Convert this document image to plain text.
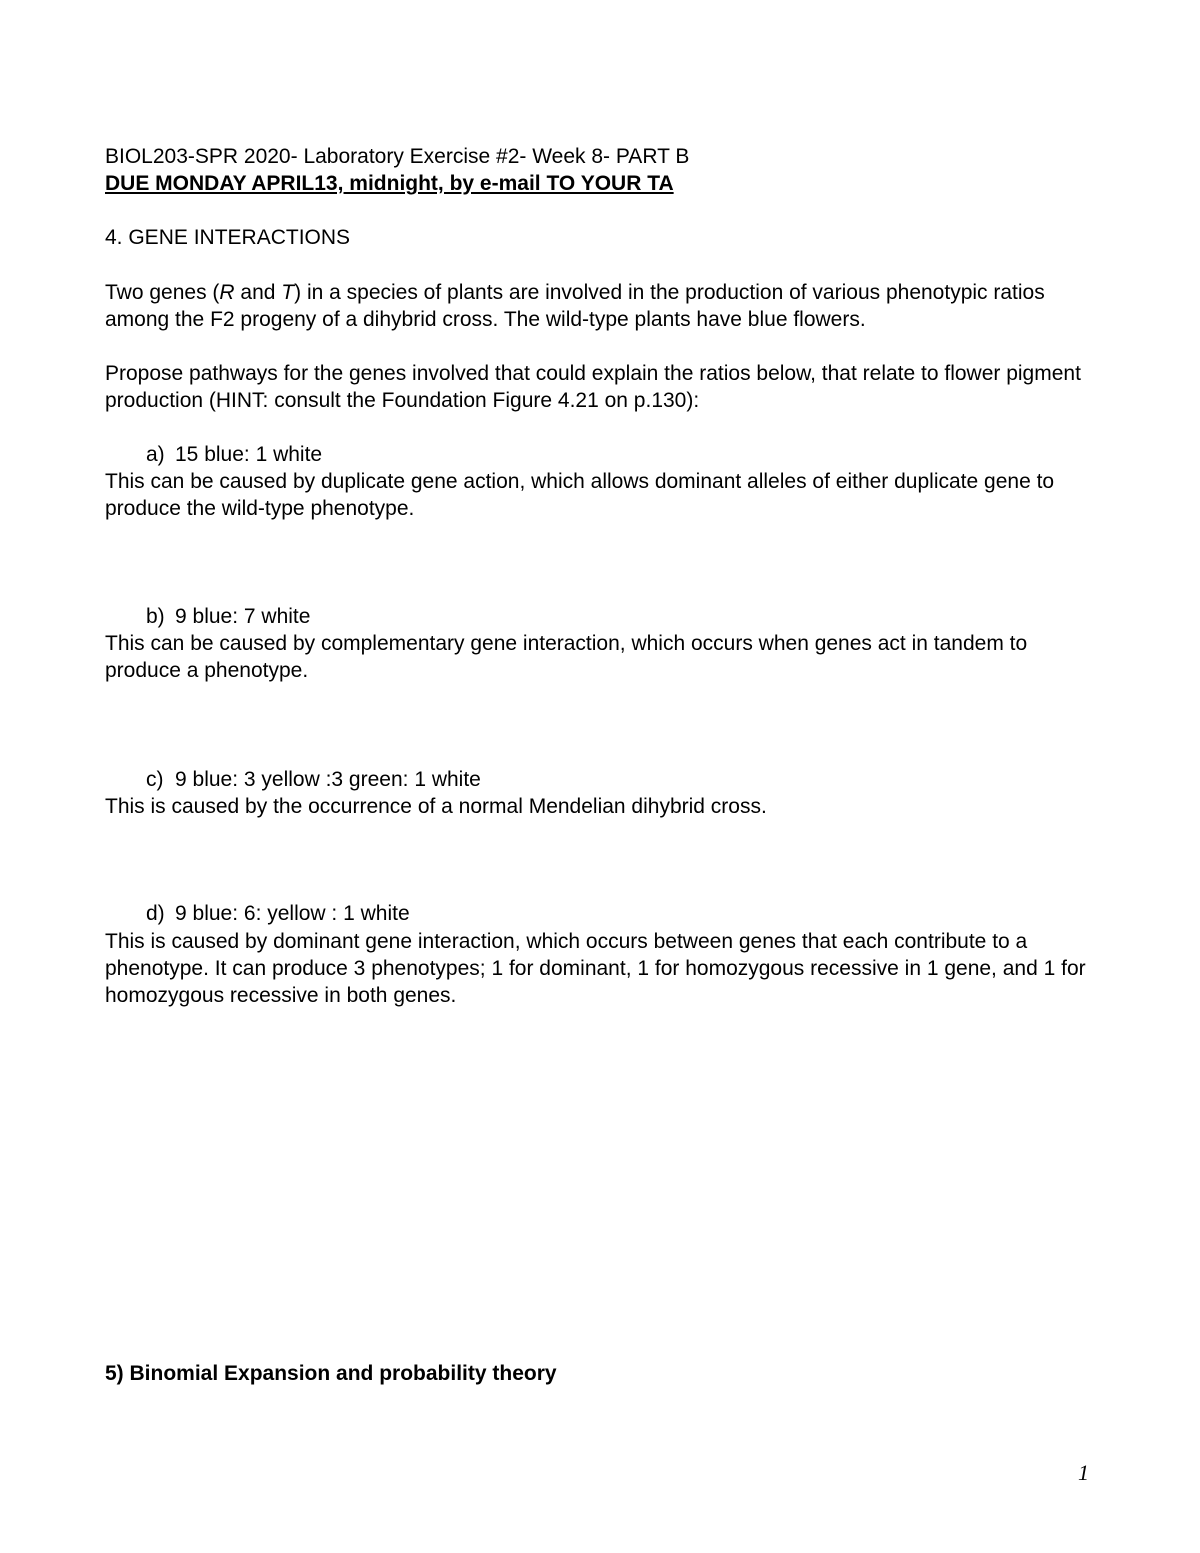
BIOL203-SPR 2020- Laboratory Exercise #2- Week 8- PART B

DUE MONDAY APRIL13, midnight, by e-mail TO YOUR TA

4. GENE INTERACTIONS

Two genes (R and T) in a species of plants are involved in the production of various phenotypic ratios among the F2 progeny of a dihybrid cross. The wild-type plants have blue flowers.

Propose pathways for the genes involved that could explain the ratios below, that relate to flower pigment production (HINT: consult the Foundation Figure 4.21 on p.130):

a) 15 blue: 1 white

This can be caused by duplicate gene action, which allows dominant alleles of either duplicate gene to produce the wild-type phenotype.

b) 9 blue: 7 white

This can be caused by complementary gene interaction, which occurs when genes act in tandem to produce a phenotype.

c) 9 blue: 3 yellow :3 green: 1 white

This is caused by the occurrence of a normal Mendelian dihybrid cross.

d) 9 blue: 6: yellow : 1 white

This is caused by dominant gene interaction, which occurs between genes that each contribute to a phenotype. It can produce 3 phenotypes; 1 for dominant, 1 for homozygous recessive in 1 gene, and 1 for homozygous recessive in both genes.

5) Binomial Expansion and probability theory

1
